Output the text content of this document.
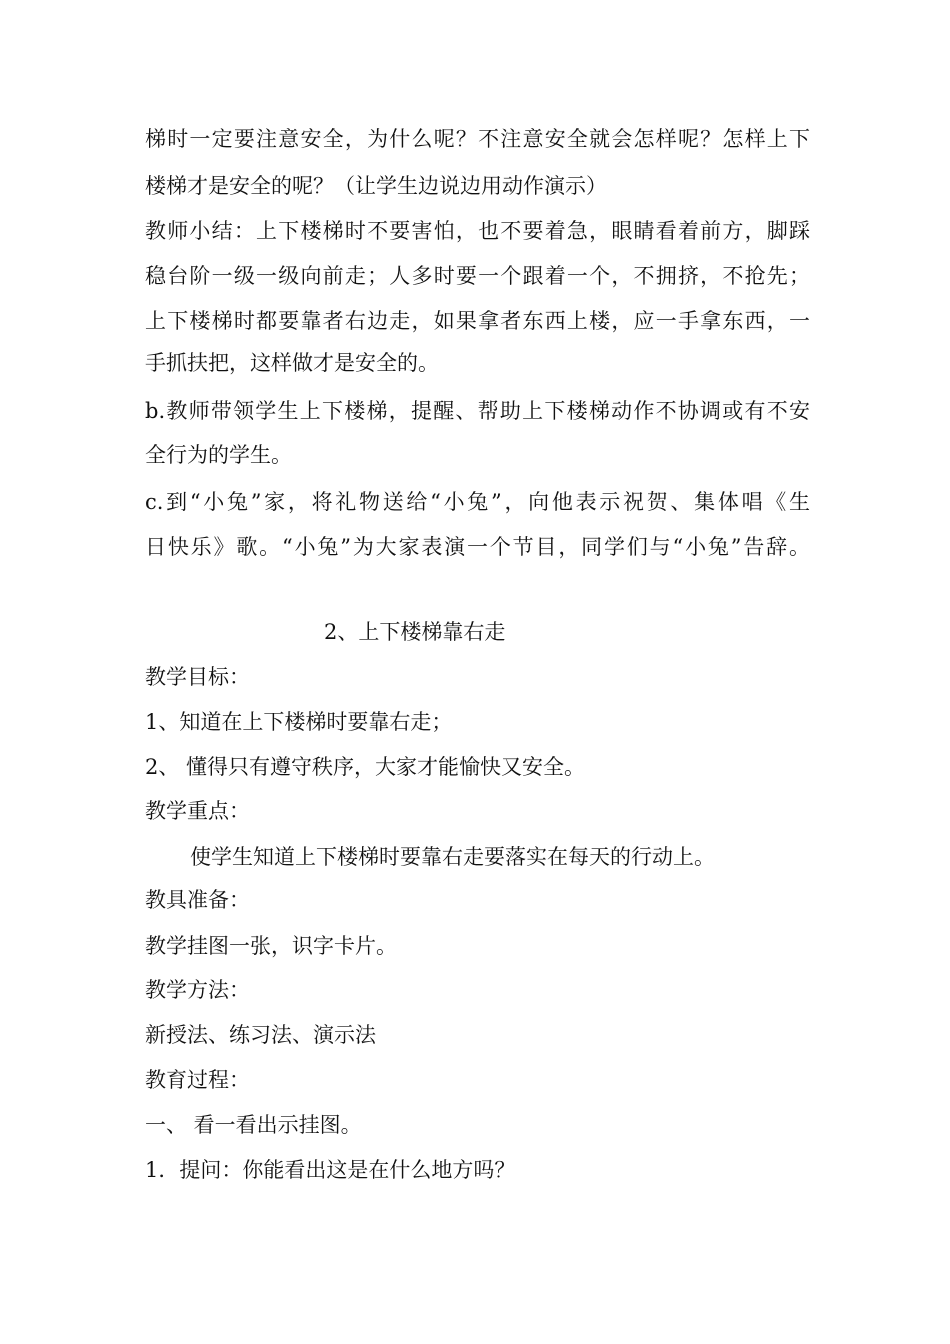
梯时一定要注意安全，为什么呢？不注意安全就会怎样呢？怎样上下
楼梯才是安全的呢？（让学生边说边用动作演示）
教师小结：上下楼梯时不要害怕，也不要着急，眼睛看着前方，脚踩
稳台阶一级一级向前走；人多时要一个跟着一个，不拥挤，不抢先；
上下楼梯时都要靠者右边走，如果拿者东西上楼，应一手拿东西，一
手抓扶把，这样做才是安全的。
b.教师带领学生上下楼梯，提醒、帮助上下楼梯动作不协调或有不安
全行为的学生。
c.到“小兔”家，将礼物送给“小兔”，向他表示祝贺、集体唱《生
日快乐》歌。“小兔”为大家表演一个节目，同学们与“小兔”告辞。
2、上下楼梯靠右走
教学目标：
1、知道在上下楼梯时要靠右走；
2、 懂得只有遵守秩序，大家才能愉快又安全。
教学重点：
使学生知道上下楼梯时要靠右走要落实在每天的行动上。
教具准备：
教学挂图一张，识字卡片。
教学方法：
新授法、练习法、演示法
教育过程：
一、 看一看出示挂图。
1．提问：你能看出这是在什么地方吗？
